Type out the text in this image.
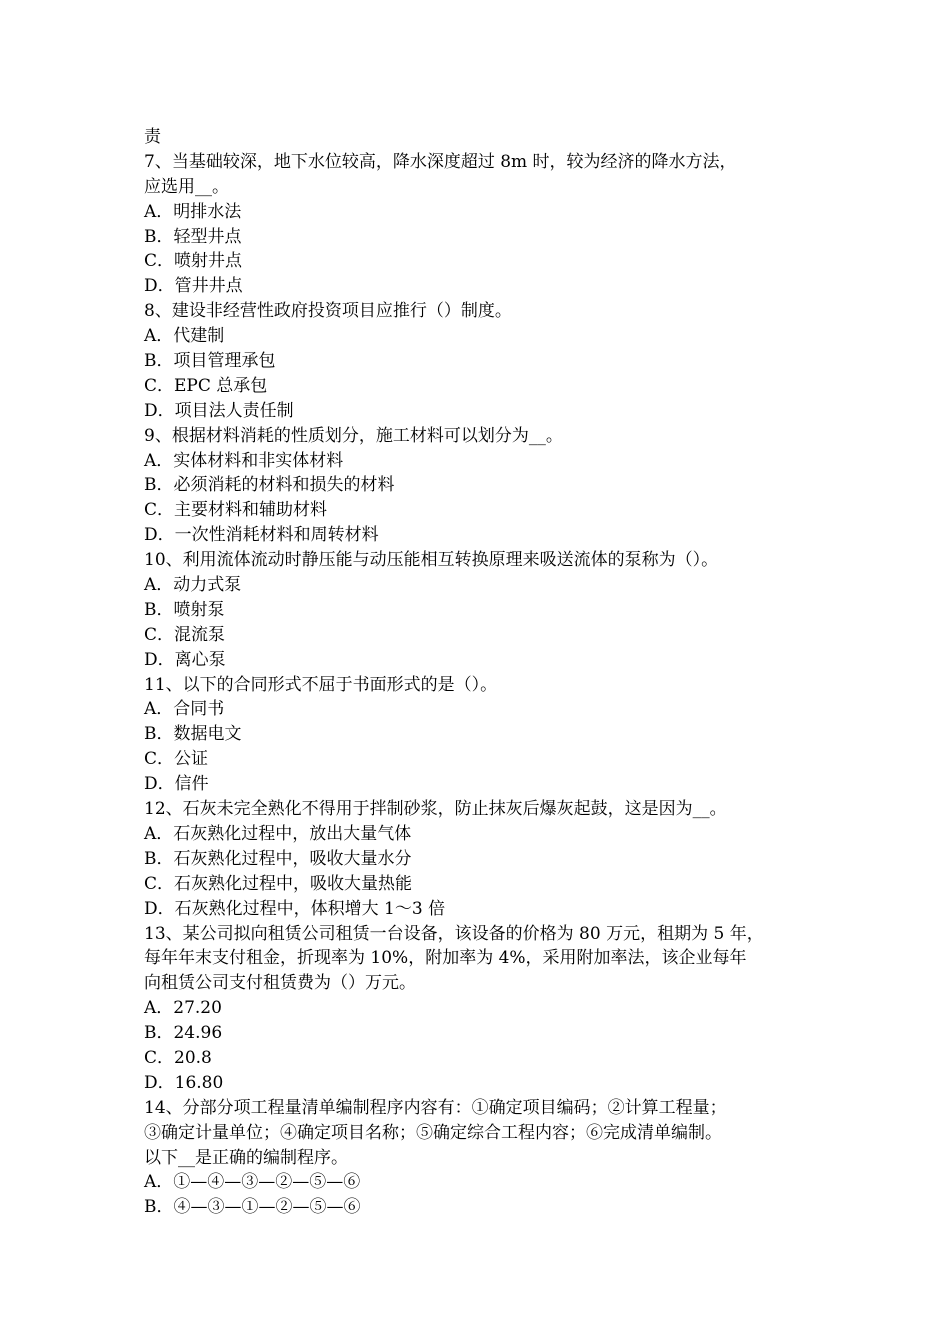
责
7、当基础较深，地下水位较高，降水深度超过 8m 时，较为经济的降水方法，
应选用__。
A．明排水法
B．轻型井点
C．喷射井点
D．管井井点
8、建设非经营性政府投资项目应推行（）制度。
A．代建制
B．项目管理承包
C．EPC 总承包
D．项目法人责任制
9、根据材料消耗的性质划分，施工材料可以划分为__。
A．实体材料和非实体材料
B．必须消耗的材料和损失的材料
C．主要材料和辅助材料
D．一次性消耗材料和周转材料
10、利用流体流动时静压能与动压能相互转换原理来吸送流体的泵称为（）。
A．动力式泵
B．喷射泵
C．混流泵
D．离心泵
11、以下的合同形式不屈于书面形式的是（）。
A．合同书
B．数据电文
C．公证
D．信件
12、石灰未完全熟化不得用于拌制砂浆，防止抹灰后爆灰起鼓，这是因为__。
A．石灰熟化过程中，放出大量气体
B．石灰熟化过程中，吸收大量水分
C．石灰熟化过程中，吸收大量热能
D．石灰熟化过程中，体积增大 1～3 倍
13、某公司拟向租赁公司租赁一台设备，该设备的价格为 80 万元，租期为 5 年，
每年年末支付租金，折现率为 10%，附加率为 4%，采用附加率法，该企业每年
向租赁公司支付租赁费为（）万元。
A．27.20
B．24.96
C．20.8
D．16.80
14、分部分项工程量清单编制程序内容有：①确定项目编码；②计算工程量；
③确定计量单位；④确定项目名称；⑤确定综合工程内容；⑥完成清单编制。
以下__是正确的编制程序。
A．①—④—③—②—⑤—⑥
B．④—③—①—②—⑤—⑥
